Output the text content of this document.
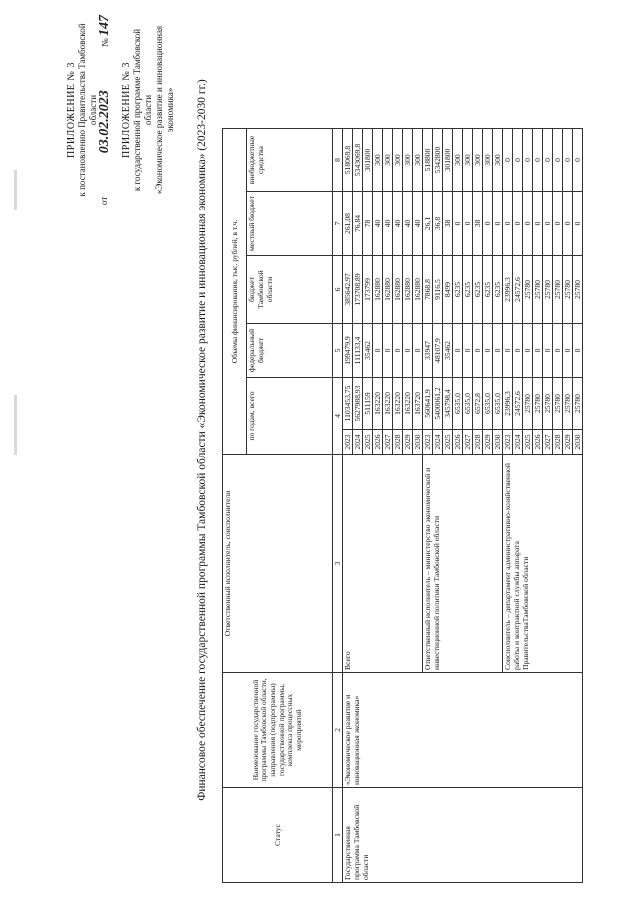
ПРИЛОЖЕНИЕ № 3 к постановлению Правительства Тамбовской области
от
03.02.2023
№ 147
ПРИЛОЖЕНИЕ № 3 к государственной программе Тамбовской области «Экономическое развитие и инновационная экономика» Финансовое обеспечение государственной программы Тамбовской области «Экономическое развитие и инновационная экономика» (2023-2030 гг.)
Статус	Наименование государственной программы Тамбовской области, направления (подпрограммы) государственной программы, комплекса процессных мероприятий	Ответственный исполнитель, соисполнители	Объемы финансирования, тыс. рублей, в т.ч.					
			по годам, всего		федеральный бюджет	бюджет Тамбовской области	местный бюджет	внебюджетные средства
1	2	3	4		5	6	7	8
Государственная программа Тамбовской области	«Экономическое развитие и инновационная экономика»	Всего	2023	1103453,75	199479,9	385642,97	261,08	518069,8
			2024	5627988,93	111133,4	173708,89	76,84	5343069,8
			2025	511159	35462	173799	78	301800
			2026	163220	0	162880	40	300
			2027	163220	0	162880	40	300
			2028	163220	0	162880	40	300
			2029	163220	0	162880	40	300
			2030	163720	0	162880	40	300
		Ответственный исполнитель – министерство экономической и инвестиционной политики Тамбовской области	2023	560641,9	33947	7868,8	26,1	518800
			2024	5400061,2	48107,9	9116,5	36,8	5342800
			2025	345798,4	35462	8499	38	301800
			2026	6535,0	0	6235	0	300
			2027	6535,0	0	6235	0	300
			2028	6572,8	0	6235	38	300
			2029	6535,0	0	6235	0	300
			2030	6535,0	0	6235	0	300
		Соисполнитель – департамент административно-хозяйственной работы и контрактной службы аппарата ПравительстваТамбовской области	2023	23996,3	0	23996,3	0	0
			2024	24572,6	0	24572,6	0	0
			2025	25780	0	25780	0	0
			2026	25780	0	25780	0	0
			2027	25780	0	25780	0	0
			2028	25780	0	25780	0	0
			2029	25780	0	25780	0	0
			2030	25780	0	25780	0	0
